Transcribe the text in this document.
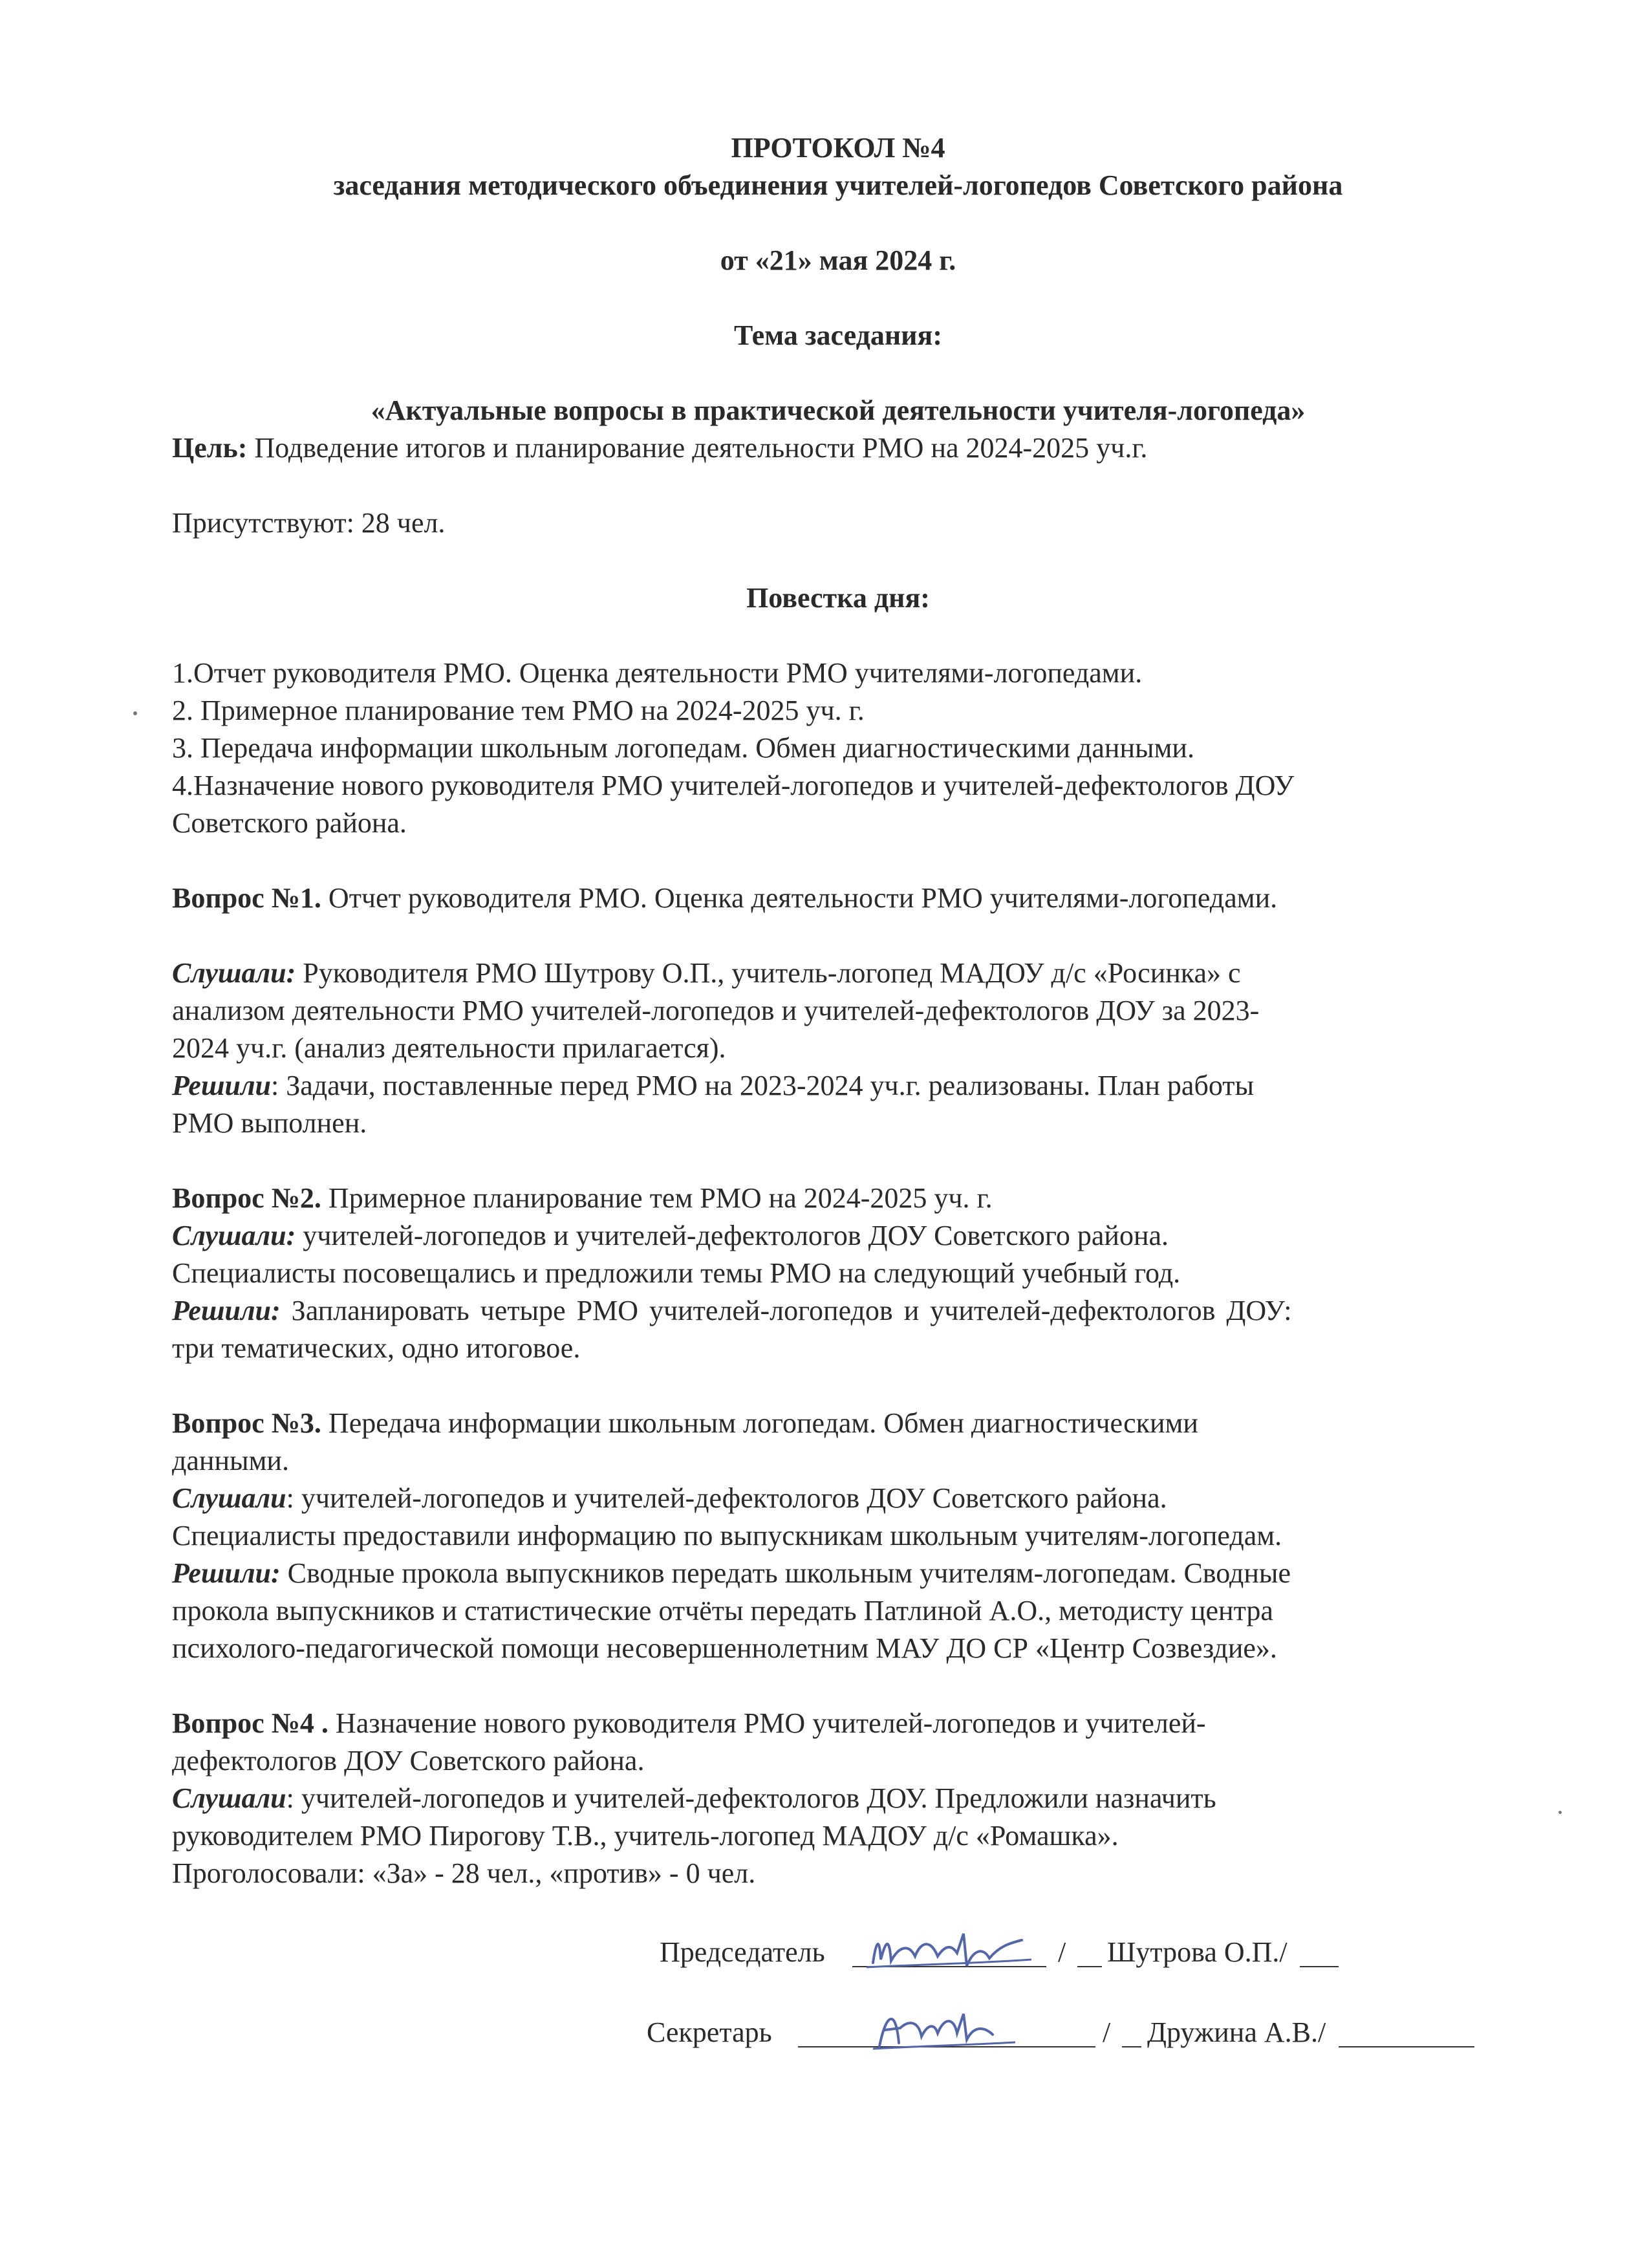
ПРОТОКОЛ №4
заседания методического объединения учителей-логопедов Советского района
от «21» мая 2024 г.
Тема заседания:
«Актуальные вопросы в практической деятельности учителя-логопеда»
Цель: Подведение итогов и планирование деятельности РМО на 2024-2025 уч.г.
Присутствуют: 28 чел.
Повестка дня:
1.Отчет руководителя РМО. Оценка деятельности РМО учителями-логопедами.
2. Примерное планирование тем РМО на 2024-2025 уч. г.
3. Передача информации школьным логопедам. Обмен диагностическими данными.
4.Назначение нового руководителя РМО учителей-логопедов и учителей-дефектологов ДОУ
Советского района.
Вопрос №1. Отчет руководителя РМО. Оценка деятельности РМО учителями-логопедами.
Слушали: Руководителя РМО Шутрову О.П., учитель-логопед МАДОУ д/с «Росинка» с
анализом деятельности РМО учителей-логопедов и учителей-дефектологов ДОУ за 2023-
2024 уч.г. (анализ деятельности прилагается).
Решили: Задачи, поставленные перед РМО на 2023-2024 уч.г. реализованы. План работы
РМО выполнен.
Вопрос №2. Примерное планирование тем РМО на 2024-2025 уч. г.
Слушали: учителей-логопедов и учителей-дефектологов ДОУ Советского района.
Специалисты посовещались и предложили темы РМО на следующий учебный год.
Решили: Запланировать четыре РМО учителей-логопедов и учителей-дефектологов ДОУ:
три тематических, одно итоговое.
Вопрос №3. Передача информации школьным логопедам. Обмен диагностическими
данными.
Слушали: учителей-логопедов и учителей-дефектологов ДОУ Советского района.
Специалисты предоставили информацию по выпускникам школьным учителям-логопедам.
Решили: Сводные прокола выпускников передать школьным учителям-логопедам. Сводные
прокола выпускников и статистические отчёты передать Патлиной А.О., методисту центра
психолого-педагогической помощи несовершеннолетним МАУ ДО СР «Центр Созвездие».
Вопрос №4 . Назначение нового руководителя РМО учителей-логопедов и учителей-
дефектологов ДОУ Советского района.
Слушали: учителей-логопедов и учителей-дефектологов ДОУ. Предложили назначить
руководителем РМО Пирогову Т.В., учитель-логопед МАДОУ д/с «Ромашка».
Проголосовали: «За» - 28 чел., «против» - 0 чел.
Председатель	/ Шутрова О.П./
Секретарь	/ Дружина А.В./
